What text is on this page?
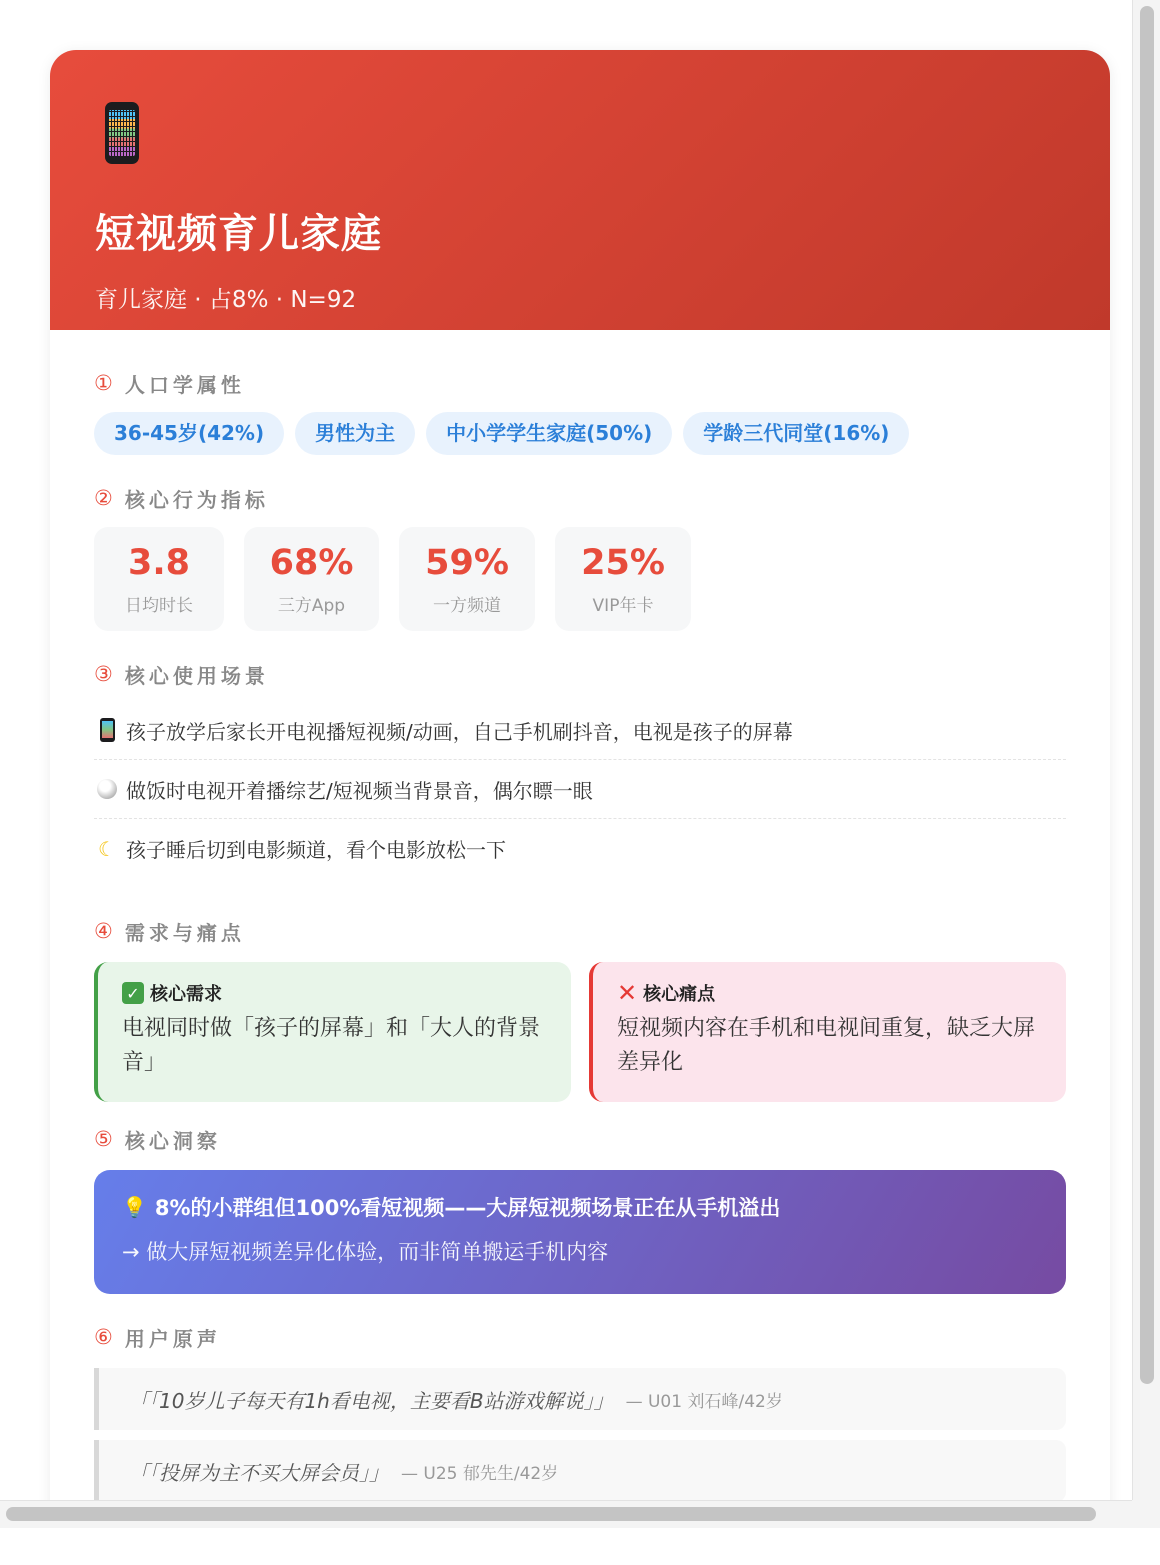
短视频育儿家庭
育儿家庭 · 占8% · N=92
① 人口学属性
36-45岁(42%)	男性为主	中小学学生家庭(50%)	学龄三代同堂(16%)
② 核心行为指标
3.8
日均时长
68%
三方App
59%
一方频道
25%
VIP年卡
③ 核心使用场景
孩子放学后家长开电视播短视频/动画，自己手机刷抖音，电视是孩子的屏幕
做饭时电视开着播综艺/短视频当背景音，偶尔瞟一眼
☾ 孩子睡后切到电影频道，看个电影放松一下
④ 需求与痛点
✓ 核心需求
电视同时做「孩子的屏幕」和「大人的背景音」
✕ 核心痛点
短视频内容在手机和电视间重复，缺乏大屏差异化
⑤ 核心洞察
💡 8%的小群组但100%看短视频——大屏短视频场景正在从手机溢出
→ 做大屏短视频差异化体验，而非简单搬运手机内容
⑥ 用户原声
「「10岁儿子每天有1h看电视，主要看B站游戏解说」」 — U01 刘石峰/42岁
「「投屏为主不买大屏会员」」 — U25 郁先生/42岁
